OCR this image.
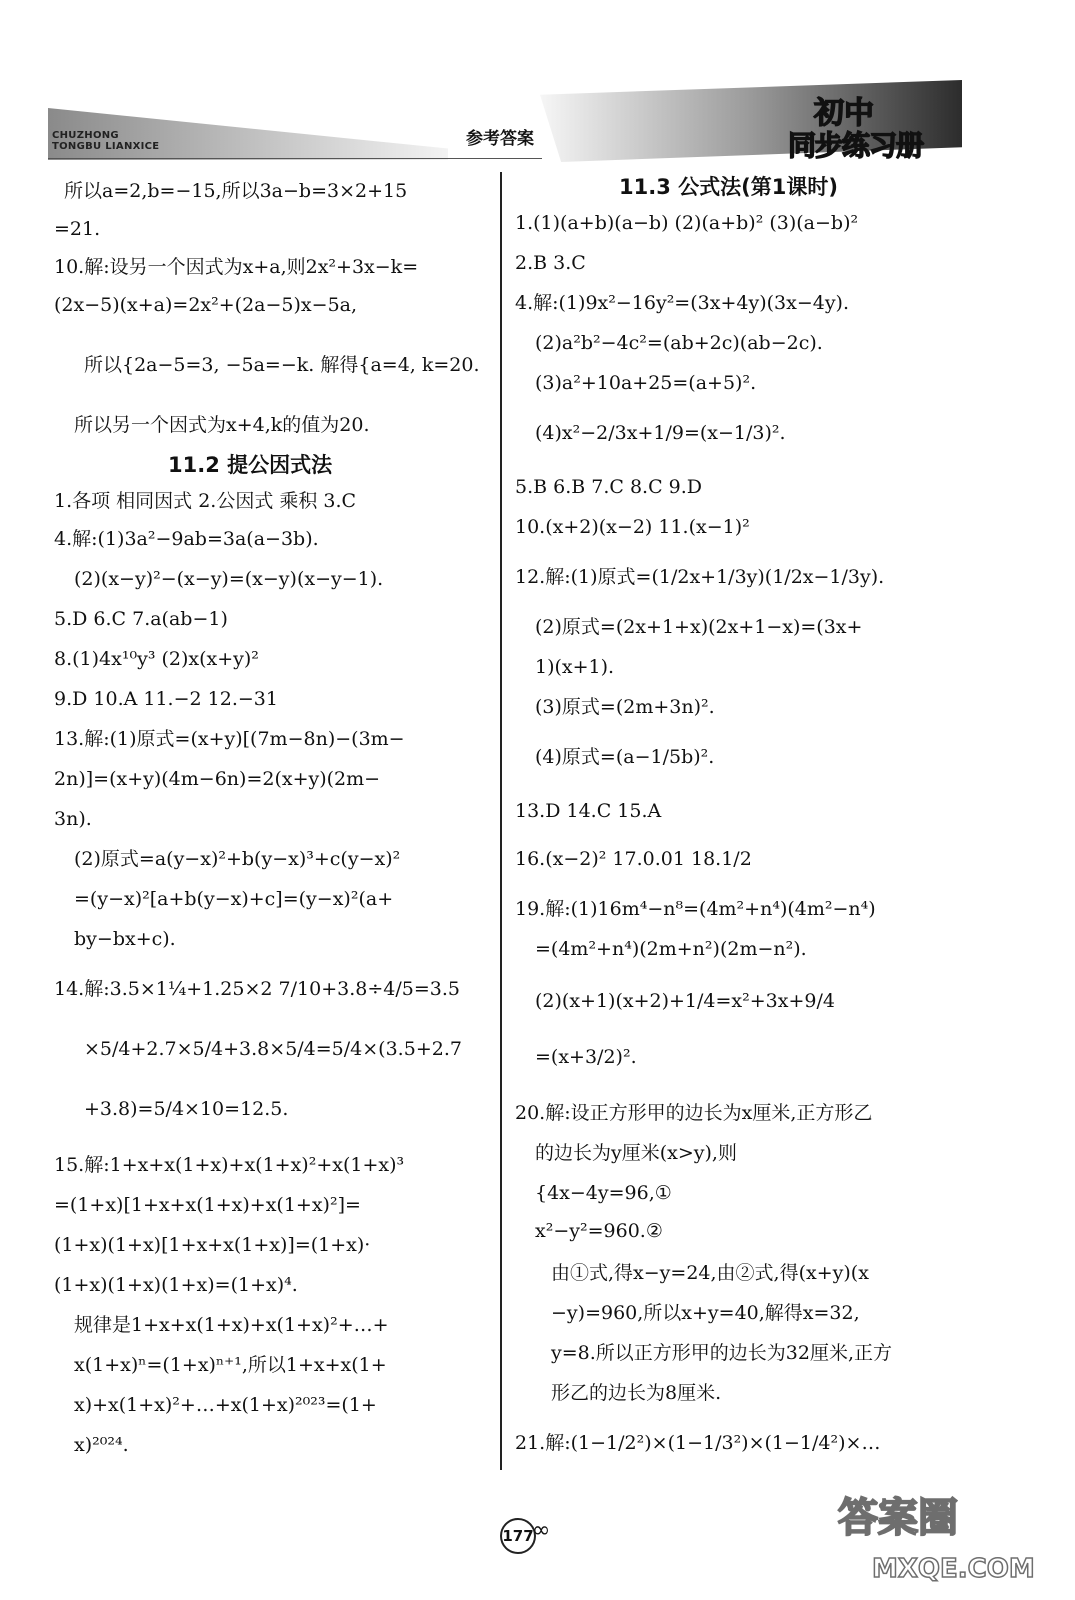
CHUZHONG TONGBU LIANXICE	参考答案
初中
同步练习册
所以a=2,b=−15,所以3a−b=3×2+15
=21.
10.解:设另一个因式为x+a,则2x²+3x−k=
(2x−5)(x+a)=2x²+(2a−5)x−5a,
所以{2a−5=3, −5a=−k. 解得{a=4, k=20.
所以另一个因式为x+4,k的值为20.
11.2 提公因式法
1.各项 相同因式 2.公因式 乘积 3.C
4.解:(1)3a²−9ab=3a(a−3b).
(2)(x−y)²−(x−y)=(x−y)(x−y−1).
5.D 6.C 7.a(ab−1)
8.(1)4x¹⁰y³ (2)x(x+y)²
9.D 10.A 11.−2 12.−31
13.解:(1)原式=(x+y)[(7m−8n)−(3m−
2n)]=(x+y)(4m−6n)=2(x+y)(2m−
3n).
(2)原式=a(y−x)²+b(y−x)³+c(y−x)²
=(y−x)²[a+b(y−x)+c]=(y−x)²(a+
by−bx+c).
14.解:3.5×1¼+1.25×2 7/10+3.8÷4/5=3.5
×5/4+2.7×5/4+3.8×5/4=5/4×(3.5+2.7
+3.8)=5/4×10=12.5.
15.解:1+x+x(1+x)+x(1+x)²+x(1+x)³
=(1+x)[1+x+x(1+x)+x(1+x)²]=
(1+x)(1+x)[1+x+x(1+x)]=(1+x)·
(1+x)(1+x)(1+x)=(1+x)⁴.
规律是1+x+x(1+x)+x(1+x)²+…+
x(1+x)ⁿ=(1+x)ⁿ⁺¹,所以1+x+x(1+
x)+x(1+x)²+…+x(1+x)²⁰²³=(1+
x)²⁰²⁴.
11.3 公式法(第1课时)
1.(1)(a+b)(a−b) (2)(a+b)² (3)(a−b)²
2.B 3.C
4.解:(1)9x²−16y²=(3x+4y)(3x−4y).
(2)a²b²−4c²=(ab+2c)(ab−2c).
(3)a²+10a+25=(a+5)².
(4)x²−2/3x+1/9=(x−1/3)².
5.B 6.B 7.C 8.C 9.D
10.(x+2)(x−2) 11.(x−1)²
12.解:(1)原式=(1/2x+1/3y)(1/2x−1/3y).
(2)原式=(2x+1+x)(2x+1−x)=(3x+
1)(x+1).
(3)原式=(2m+3n)².
(4)原式=(a−1/5b)².
13.D 14.C 15.A
16.(x−2)² 17.0.01 18.1/2
19.解:(1)16m⁴−n⁸=(4m²+n⁴)(4m²−n⁴)
=(4m²+n⁴)(2m+n²)(2m−n²).
(2)(x+1)(x+2)+1/4=x²+3x+9/4
=(x+3/2)².
20.解:设正方形甲的边长为x厘米,正方形乙
的边长为y厘米(x>y),则
{4x−4y=96,①
x²−y²=960.②
由①式,得x−y=24,由②式,得(x+y)(x
−y)=960,所以x+y=40,解得x=32,
y=8.所以正方形甲的边长为32厘米,正方
形乙的边长为8厘米.
21.解:(1−1/2²)×(1−1/3²)×(1−1/4²)×…
177
∞	答案圈
MXQE.COM
